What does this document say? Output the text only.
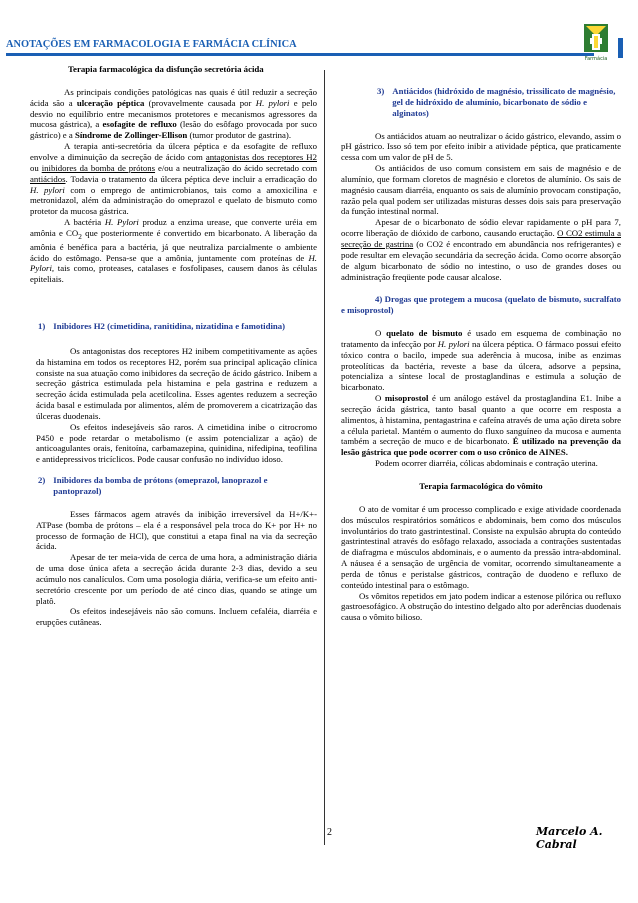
ANOTAÇÕES EM FARMACOLOGIA E FARMÁCIA CLÍNICA
Farmácia
Terapia farmacológica da disfunção secretória ácida

As principais condições patológicas nas quais é útil reduzir a secreção ácida são a ulceração péptica (provavelmente causada por H. pylori e pelo desvio no equilíbrio entre mecanismos protetores e mecanismos agressores da mucosa gástrica), a esofagite de refluxo (lesão do esôfago provocada por suco gástrico) e a Síndrome de Zollinger-Ellison (tumor produtor de gastrina).

A terapia anti-secretória da úlcera péptica e da esofagite de refluxo envolve a diminuição da secreção de ácido com antagonistas dos receptores H2 ou inibidores da bomba de prótons e/ou a neutralização do ácido secretado com antiácidos. Todavia o tratamento da úlcera péptica deve incluir a erradicação do H. pylori com o emprego de antimicrobianos, tais como a amoxicilina e metronidazol, além da administração do omeprazol e quelato de bismuto como protetor da mucosa gástrica.

A bactéria H. Pylori produz a enzima urease, que converte uréia em amônia e $CO_2$ que posteriormente é convertido em bicarbonato. A liberação da amônia é benéfica para a bactéria, já que neutraliza parcialmente o ambiente ácido do estômago. Pensa-se que a amônia, juntamente com proteínas de H. Pylori, tais como, proteases, catalases e fosfolipases, causem danos às células epiteliais.

1) Inibidores H2 (cimetidina, ranitidina, nizatidina e famotidina)

Os antagonistas dos receptores H2 inibem competitivamente as ações da histamina em todos os receptores H2, porém sua principal aplicação clínica consiste na sua atuação como inibidores da secreção de ácido gástrico. Inibem a secreção gástrica estimulada pela histamina e pela gastrina e reduzem a secreção ácida estimulada pela acetilcolina. Esses agentes reduzem a secreção ácida basal e estimulada por alimentos, além de promoverem a cicatrização das úlceras duodenais.

Os efeitos indesejáveis são raros. A cimetidina inibe o citrocromo P450 e pode retardar o metabolismo (e assim potencializar a ação) de anticoagulantes orais, fenitoína, carbamazepina, quinidina, nifedipina, teofilina e antidepressivos tricíclicos. Pode causar confusão no indivíduo idoso.

2) Inibidores da bomba de prótons (omeprazol, lanoprazol e pantoprazol)

Esses fármacos agem através da inibição irreversível da H+/K+-ATPase (bomba de prótons – ela é a responsável pela troca do K+ por H+ no processo de formação de HCl), que constitui a etapa final na via da secreção ácida.

Apesar de ter meia-vida de cerca de uma hora, a administração diária de uma dose única afeta a secreção ácida durante 2-3 dias, devido a seu acúmulo nos canalículos. Com uma posologia diária, verifica-se um efeito anti-secretório crescente por um período de até cinco dias, quando se atinge um platô.

Os efeitos indesejáveis não são comuns. Incluem cefaléia, diarréia e erupções cutâneas.

3) Antiácidos (hidróxido de magnésio, trissilicato de magnésio, gel de hidróxido de alumínio, bicarbonato de sódio e alginatos)

Os antiácidos atuam ao neutralizar o ácido gástrico, elevando, assim o pH gástrico. Isso só tem por efeito inibir a atividade péptica, que praticamente cessa com um valor de pH de 5.

Os antiácidos de uso comum consistem em sais de magnésio e de alumínio, que formam cloretos de magnésio e cloretos de alumínio. Os sais de magnésio causam diarréia, enquanto os sais de alumínio provocam constipação, razão pela qual podem ser utilizadas misturas desses dois sais para preservação da função intestinal normal.

Apesar de o bicarbonato de sódio elevar rapidamente o pH para 7, ocorre liberação de dióxido de carbono, causando eructação. O CO2 estimula a secreção de gastrina (o CO2 é encontrado em abundância nos refrigerantes) e pode resultar em elevação secundária da secreção ácida. Como ocorre absorção de algum bicarbonato de sódio no intestino, o uso de grandes doses ou administração freqüente pode causar alcalose.

4) Drogas que protegem a mucosa (quelato de bismuto, sucralfato e misoprostol)

O quelato de bismuto é usado em esquema de combinação no tratamento da infecção por H. pylori na úlcera péptica. O fármaco possui efeito tóxico contra o bacilo, impede sua aderência à mucosa, inibe as enzimas proteolíticas da bactéria, reveste a base da úlcera, adsorve a pepsina, potencializa a síntese local de prostaglandinas e estimula a solução de bicarbonato.

O misoprostol é um análogo estável da prostaglandina E1. Inibe a secreção ácida gástrica, tanto basal quanto a que ocorre em resposta a alimentos, à histamina, pentagastrina e cafeína através de uma ação direta sobre a célula parietal. Mantém o aumento do fluxo sanguíneo da mucosa e aumenta também a secreção de muco e de bicarbonato. É utilizado na prevenção da lesão gástrica que pode ocorrer com o uso crônico de AINES.

Podem ocorrer diarréia, cólicas abdominais e contração uterina.

Terapia farmacológica do vômito

O ato de vomitar é um processo complicado e exige atividade coordenada dos músculos respiratórios somáticos e abdominais, bem como dos músculos involuntários do trato gastrintestinal. Consiste na expulsão abrupta do conteúdo gastrintestinal através do esôfago relaxado, associada a contrações sustentadas de diafragma e músculos abdominais, e o aumento da pressão intra-abdominal. A náusea é a sensação de urgência de vomitar, ocorrendo simultaneamente a perda de tônus e peristalse gástricos, contração de duodeno e refluxo de conteúdo intestinal para o estômago.

Os vômitos repetidos em jato podem indicar a estenose pilórica ou refluxo gastroesofágico. A obstrução do intestino delgado alto por aderências duodenais causa o vômito bilioso.

2	Marcelo A. Cabral
